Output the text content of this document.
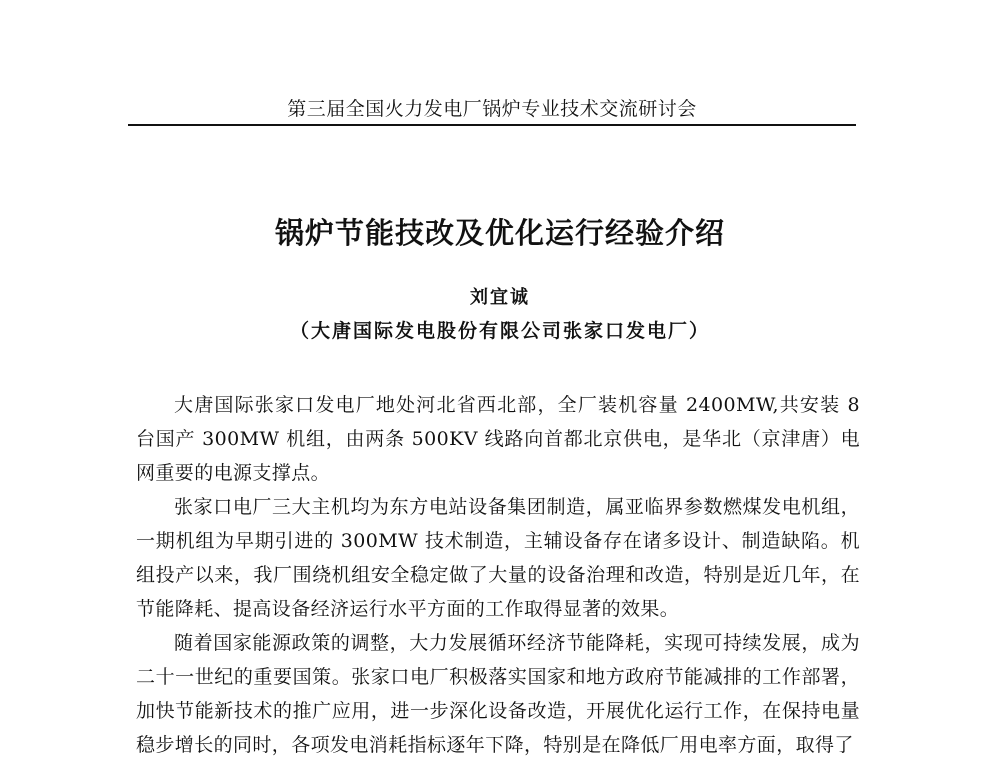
第三届全国火力发电厂锅炉专业技术交流研讨会
锅炉节能技改及优化运行经验介绍
刘宜诚
（大唐国际发电股份有限公司张家口发电厂）

大唐国际张家口发电厂地处河北省西北部，全厂装机容量 2400MW,共安装 8 台国产 300MW 机组，由两条 500KV 线路向首都北京供电，是华北（京津唐）电网重要的电源支撑点。

张家口电厂三大主机均为东方电站设备集团制造，属亚临界参数燃煤发电机组，一期机组为早期引进的 300MW 技术制造，主辅设备存在诸多设计、制造缺陷。机组投产以来，我厂围绕机组安全稳定做了大量的设备治理和改造，特别是近几年，在节能降耗、提高设备经济运行水平方面的工作取得显著的效果。

随着国家能源政策的调整，大力发展循环经济节能降耗，实现可持续发展，成为二十一世纪的重要国策。张家口电厂积极落实国家和地方政府节能减排的工作部署，加快节能新技术的推广应用，进一步深化设备改造，开展优化运行工作，在保持电量稳步增长的同时，各项发电消耗指标逐年下降，特别是在降低厂用电率方面，取得了
